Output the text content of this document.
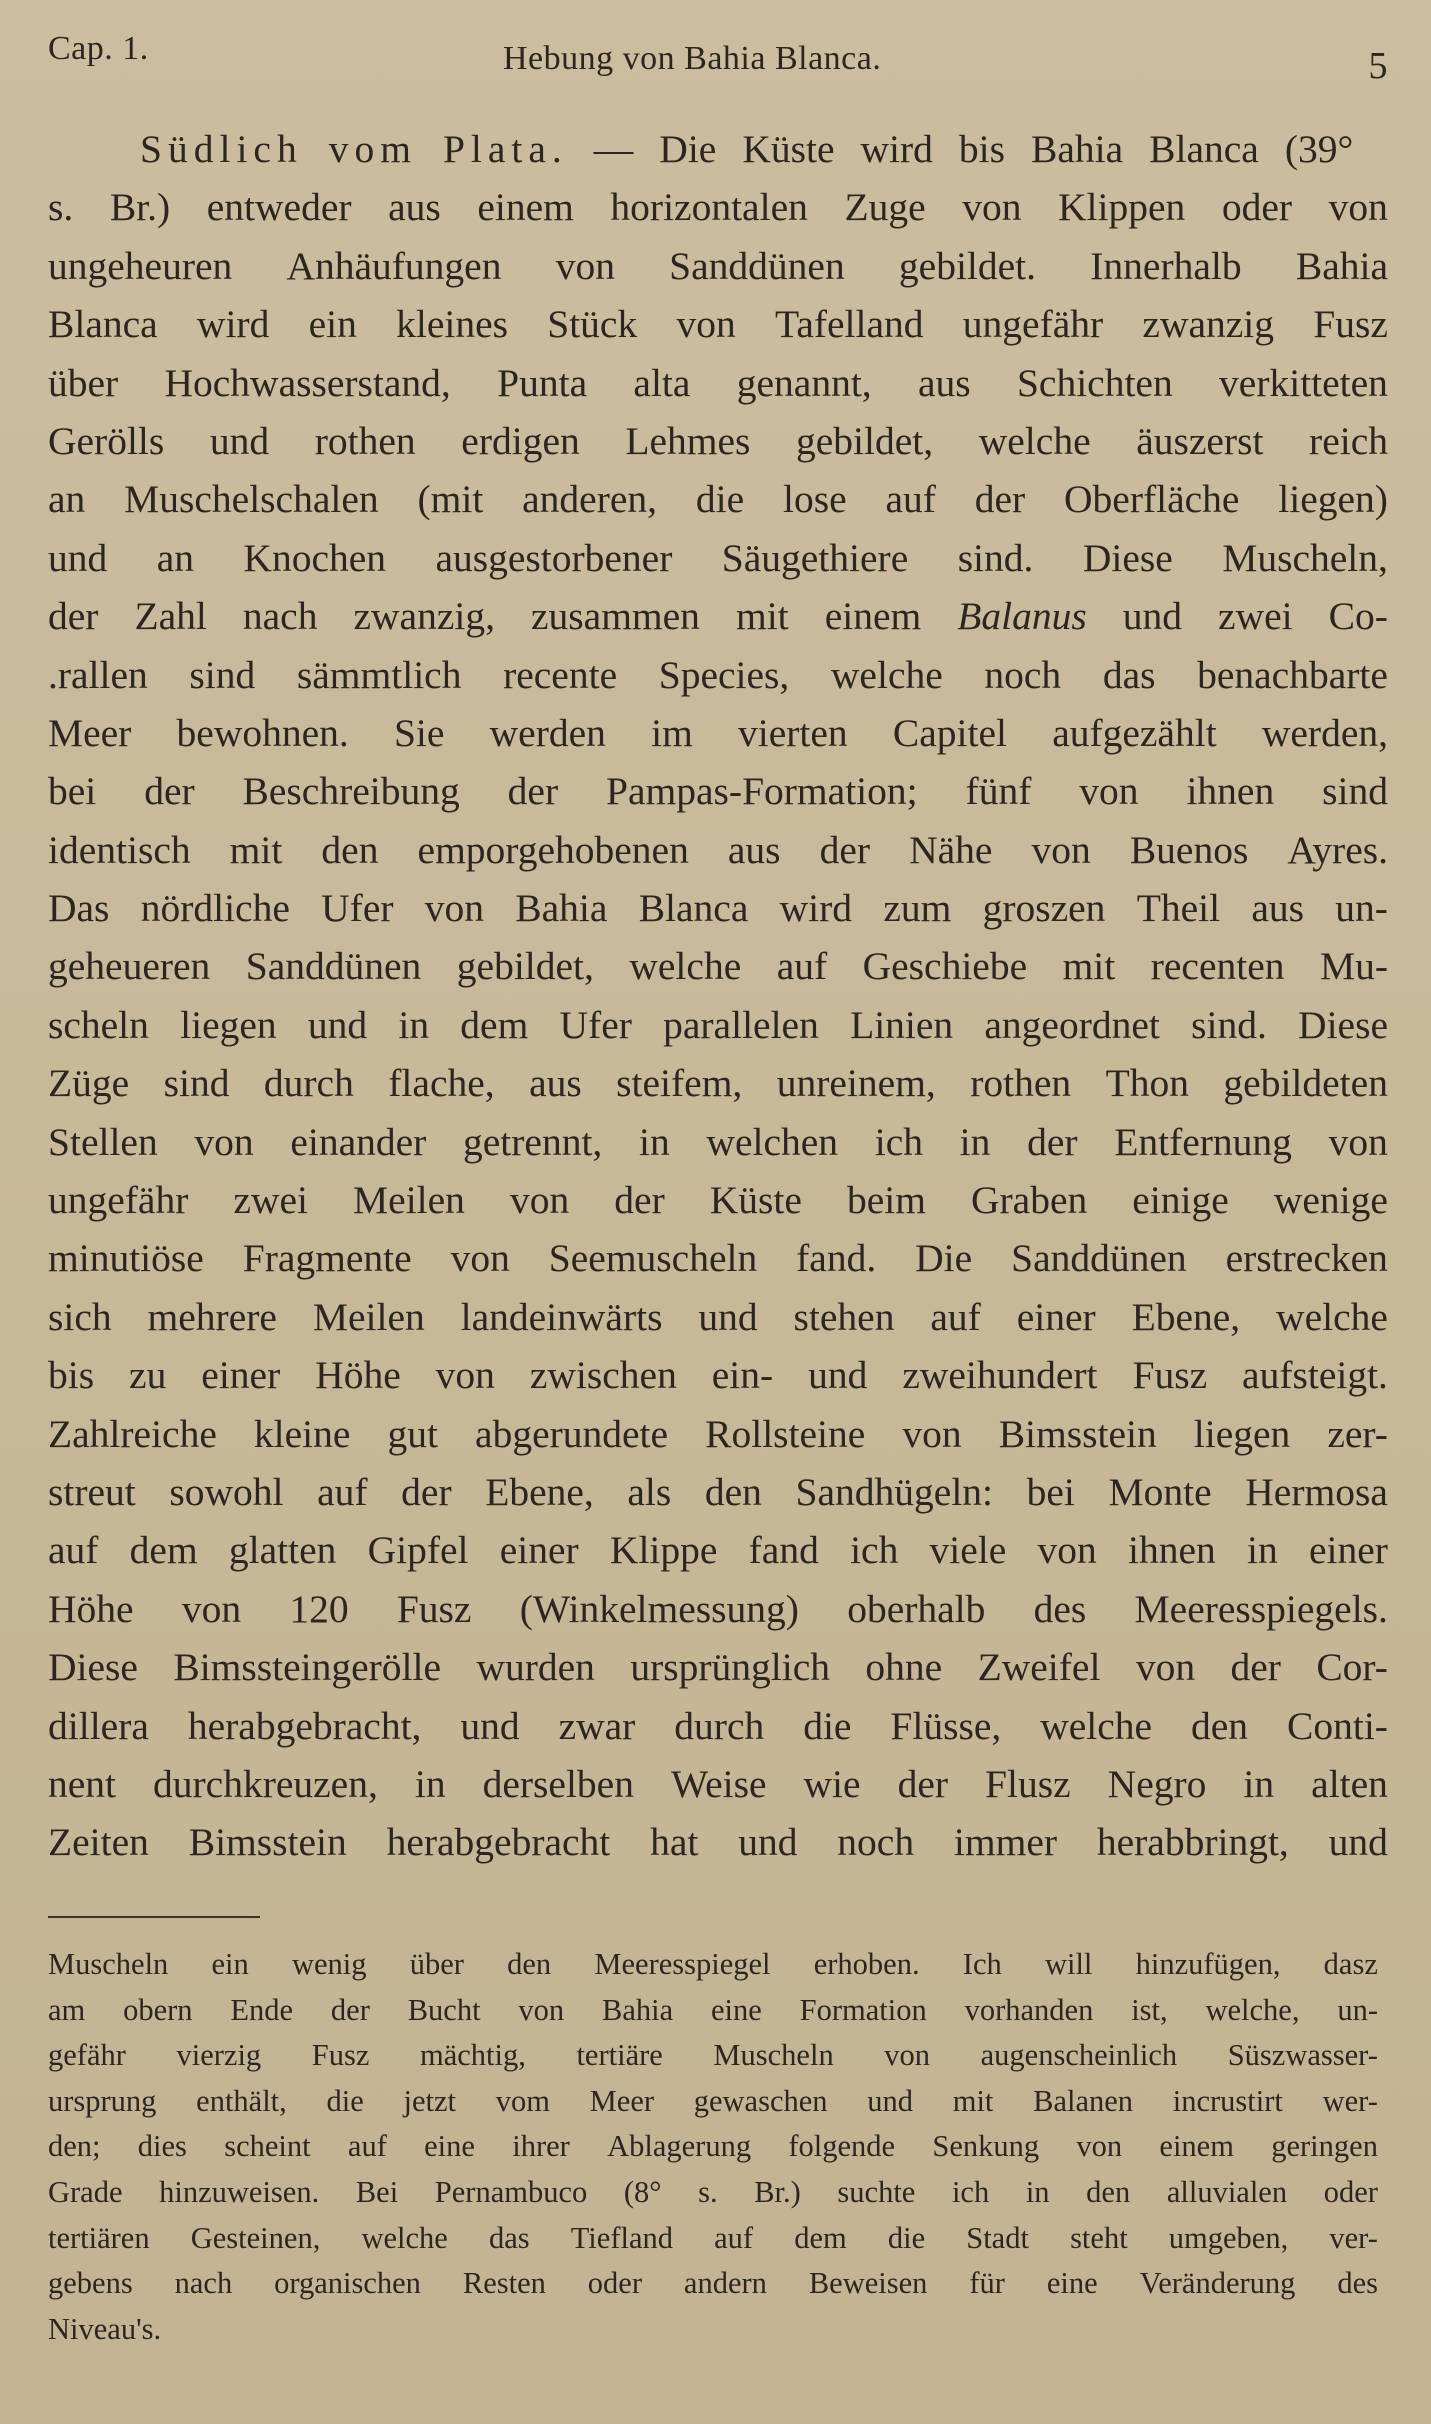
Cap. 1.	Hebung von Bahia Blanca.	5
Südlich vom Plata. — Die Küste wird bis Bahia Blanca (39°
s. Br.) entweder aus einem horizontalen Zuge von Klippen oder von
ungeheuren Anhäufungen von Sanddünen gebildet. Innerhalb Bahia
Blanca wird ein kleines Stück von Tafelland ungefähr zwanzig Fusz
über Hochwasserstand, Punta alta genannt, aus Schichten verkitteten
Gerölls und rothen erdigen Lehmes gebildet, welche äuszerst reich
an Muschelschalen (mit anderen, die lose auf der Oberfläche liegen)
und an Knochen ausgestorbener Säugethiere sind. Diese Muscheln,
der Zahl nach zwanzig, zusammen mit einem Balanus und zwei Co-
.rallen sind sämmtlich recente Species, welche noch das benachbarte
Meer bewohnen. Sie werden im vierten Capitel aufgezählt werden,
bei der Beschreibung der Pampas-Formation; fünf von ihnen sind
identisch mit den emporgehobenen aus der Nähe von Buenos Ayres.
Das nördliche Ufer von Bahia Blanca wird zum groszen Theil aus un-
geheueren Sanddünen gebildet, welche auf Geschiebe mit recenten Mu-
scheln liegen und in dem Ufer parallelen Linien angeordnet sind. Diese
Züge sind durch flache, aus steifem, unreinem, rothen Thon gebildeten
Stellen von einander getrennt, in welchen ich in der Entfernung von
ungefähr zwei Meilen von der Küste beim Graben einige wenige
minutiöse Fragmente von Seemuscheln fand. Die Sanddünen erstrecken
sich mehrere Meilen landeinwärts und stehen auf einer Ebene, welche
bis zu einer Höhe von zwischen ein- und zweihundert Fusz aufsteigt.
Zahlreiche kleine gut abgerundete Rollsteine von Bimsstein liegen zer-
streut sowohl auf der Ebene, als den Sandhügeln: bei Monte Hermosa
auf dem glatten Gipfel einer Klippe fand ich viele von ihnen in einer
Höhe von 120 Fusz (Winkelmessung) oberhalb des Meeresspiegels.
Diese Bimssteingerölle wurden ursprünglich ohne Zweifel von der Cor-
dillera herabgebracht, und zwar durch die Flüsse, welche den Conti-
nent durchkreuzen, in derselben Weise wie der Flusz Negro in alten
Zeiten Bimsstein herabgebracht hat und noch immer herabbringt, und
Muscheln ein wenig über den Meeresspiegel erhoben. Ich will hinzufügen, dasz
am obern Ende der Bucht von Bahia eine Formation vorhanden ist, welche, un-
gefähr vierzig Fusz mächtig, tertiäre Muscheln von augenscheinlich Süszwasser-
ursprung enthält, die jetzt vom Meer gewaschen und mit Balanen incrustirt wer-
den; dies scheint auf eine ihrer Ablagerung folgende Senkung von einem geringen
Grade hinzuweisen. Bei Pernambuco (8° s. Br.) suchte ich in den alluvialen oder
tertiären Gesteinen, welche das Tiefland auf dem die Stadt steht umgeben, ver-
gebens nach organischen Resten oder andern Beweisen für eine Veränderung des
Niveau's.
